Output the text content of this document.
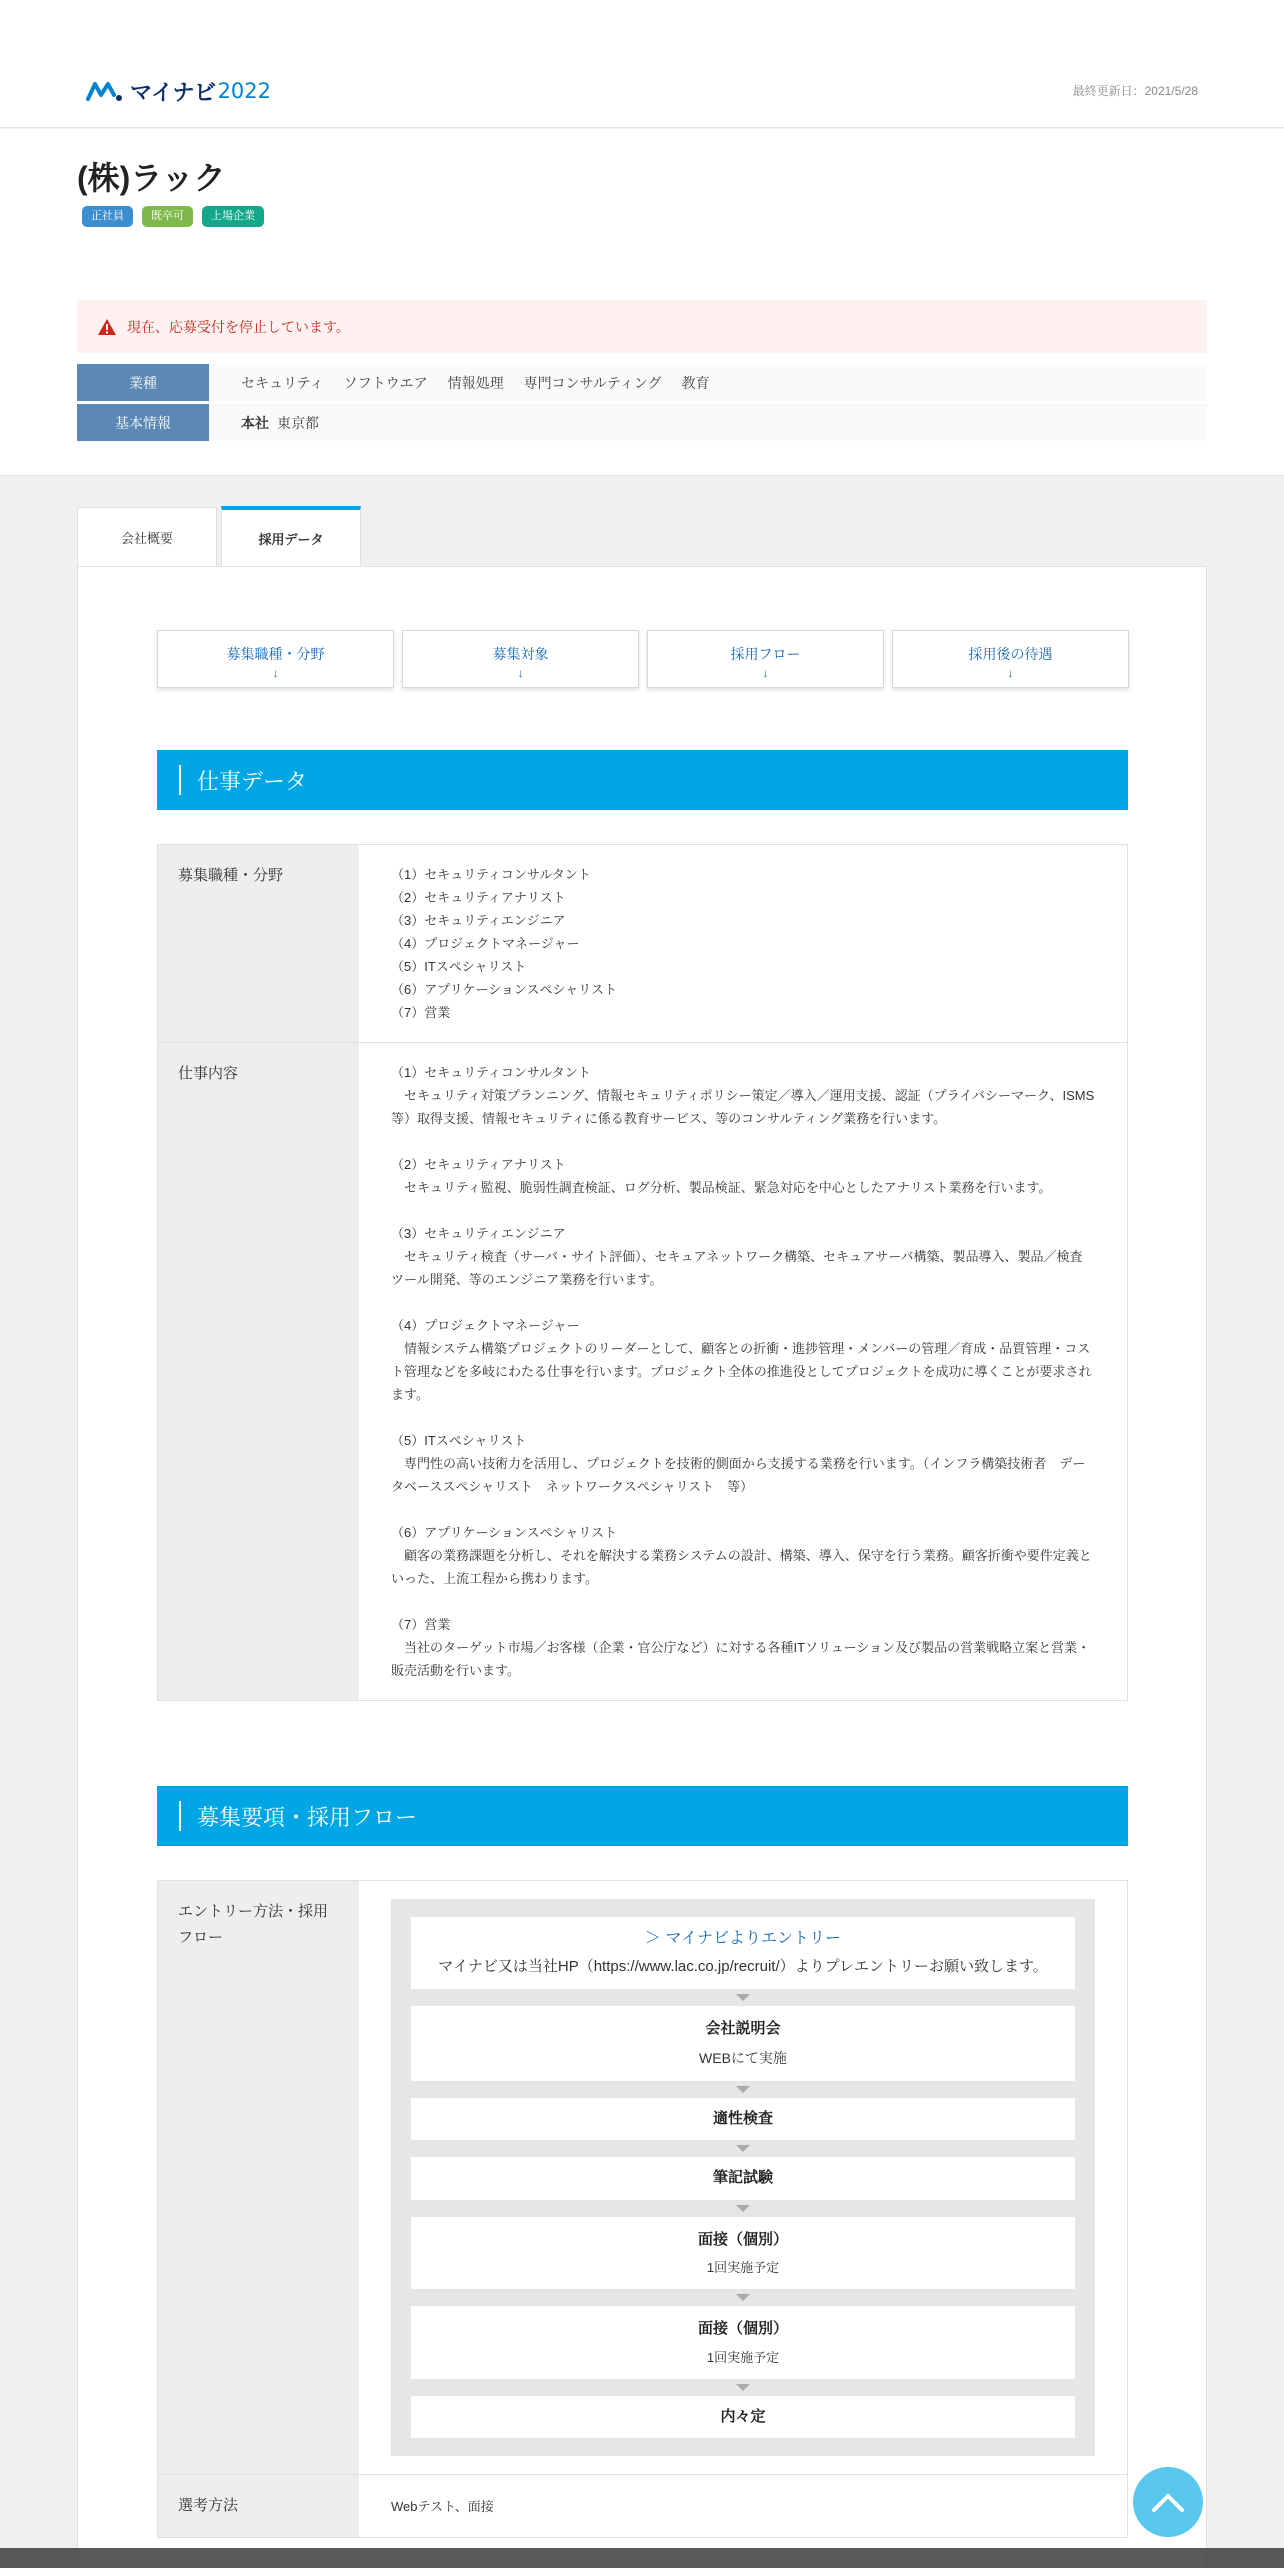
マイナビ 2022	最終更新日：2021/5/28
(株)ラック
正社員	既卒可	上場企業
現在、応募受付を停止しています。
業種	セキュリティ ソフトウエア 情報処理 専門コンサルティング 教育
基本情報	本社 東京都
会社概要	採用データ
募集職種・分野
↓
募集対象
↓
採用フロー
↓
採用後の待遇
↓
仕事データ
募集職種・分野	（1）セキュリティコンサルタント
（2）セキュリティアナリスト
（3）セキュリティエンジニア
（4）プロジェクトマネージャー
（5）ITスペシャリスト
（6）アプリケーションスペシャリスト
（7）営業

仕事内容	（1）セキュリティコンサルタント
　セキュリティ対策プランニング、情報セキュリティポリシー策定／導入／運用支援、認証（プライバシーマーク、ISMS等）取得支援、情報セキュリティに係る教育サービス、等のコンサルティング業務を行います。
（2）セキュリティアナリスト
　セキュリティ監視、脆弱性調査検証、ログ分析、製品検証、緊急対応を中心としたアナリスト業務を行います。
（3）セキュリティエンジニア
　セキュリティ検査（サーバ・サイト評価）、セキュアネットワーク構築、セキュアサーバ構築、製品導入、製品／検査ツール開発、等のエンジニア業務を行います。
（4）プロジェクトマネージャー
　情報システム構築プロジェクトのリーダーとして、顧客との折衝・進捗管理・メンバーの管理／育成・品質管理・コスト管理などを多岐にわたる仕事を行います。プロジェクト全体の推進役としてプロジェクトを成功に導くことが要求されます。
（5）ITスペシャリスト
　専門性の高い技術力を活用し、プロジェクトを技術的側面から支援する業務を行います。（インフラ構築技術者　データベーススペシャリスト　ネットワークスペシャリスト　等）
（6）アプリケーションスペシャリスト
　顧客の業務課題を分析し、それを解決する業務システムの設計、構築、導入、保守を行う業務。顧客折衝や要件定義といった、上流工程から携わります。
（7）営業
　当社のターゲット市場／お客様（企業・官公庁など）に対する各種ITソリューション及び製品の営業戦略立案と営業・販売活動を行います。
募集要項・採用フロー
エントリー方法・採用フロー	＞ マイナビよりエントリー
マイナビ又は当社HP（https://www.lac.co.jp/recruit/）よりプレエントリーお願い致します。
会社説明会
WEBにて実施
適性検査
筆記試験
面接（個別）
1回実施予定
面接（個別）
1回実施予定
内々定
選考方法	Webテスト、面接
